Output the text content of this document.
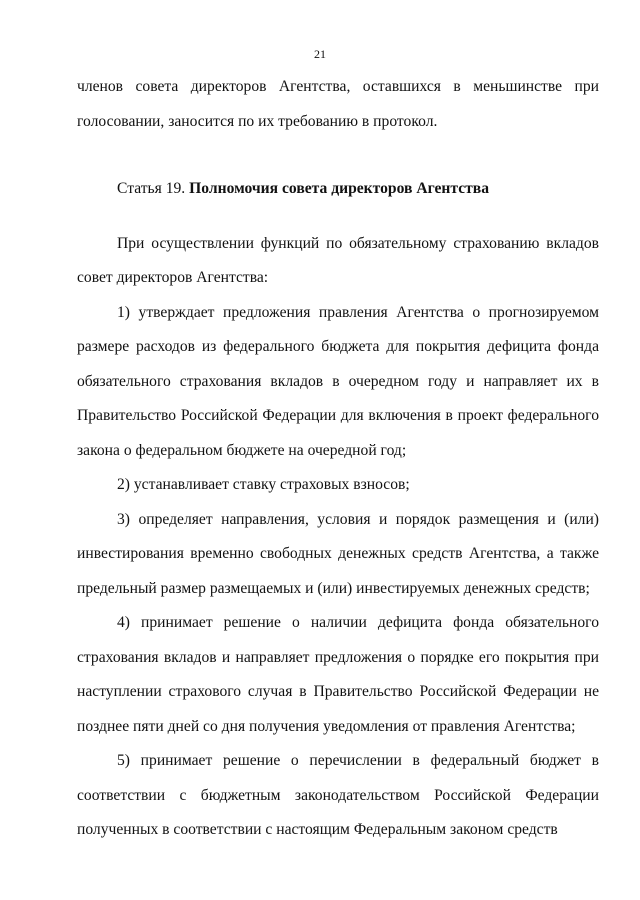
21

членов совета директоров Агентства, оставшихся в меньшинстве при голосовании, заносится по их требованию в протокол.

Статья 19. Полномочия совета директоров Агентства

При осуществлении функций по обязательному страхованию вкладов совет директоров Агентства:

1) утверждает предложения правления Агентства о прогнозируемом размере расходов из федерального бюджета для покрытия дефицита фонда обязательного страхования вкладов в очередном году и направляет их в Правительство Российской Федерации для включения в проект федерального закона о федеральном бюджете на очередной год;

2) устанавливает ставку страховых взносов;

3) определяет направления, условия и порядок размещения и (или) инвестирования временно свободных денежных средств Агентства, а также предельный размер размещаемых и (или) инвестируемых денежных средств;

4) принимает решение о наличии дефицита фонда обязательного страхования вкладов и направляет предложения о порядке его покрытия при наступлении страхового случая в Правительство Российской Федерации не позднее пяти дней со дня получения уведомления от правления Агентства;

5) принимает решение о перечислении в федеральный бюджет в соответствии с бюджетным законодательством Российской Федерации полученных в соответствии с настоящим Федеральным законом средств
